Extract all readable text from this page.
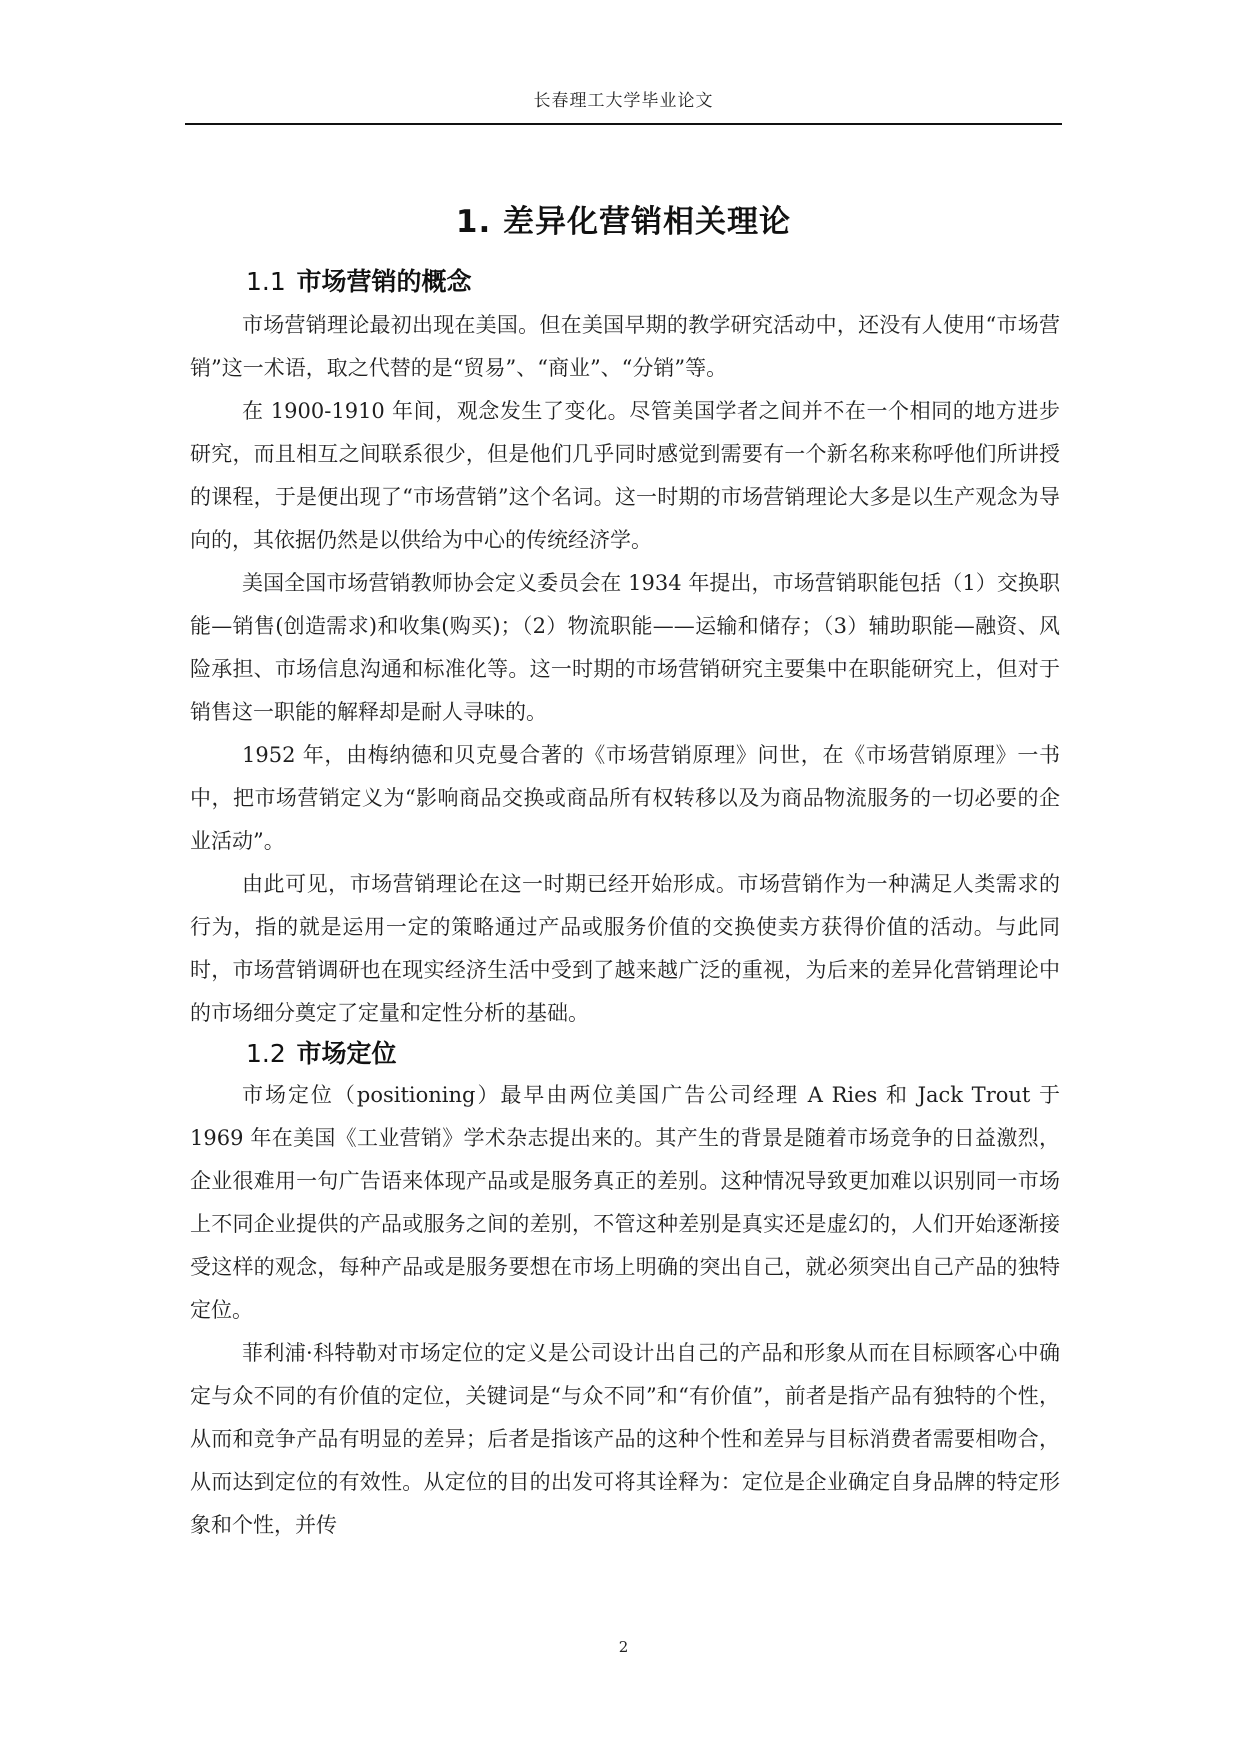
长春理工大学毕业论文
1. 差异化营销相关理论
1.1 市场营销的概念

市场营销理论最初出现在美国。但在美国早期的教学研究活动中，还没有人使用“市场营销”这一术语，取之代替的是“贸易”、“商业”、“分销”等。

在 1900-1910 年间，观念发生了变化。尽管美国学者之间并不在一个相同的地方进步研究，而且相互之间联系很少，但是他们几乎同时感觉到需要有一个新名称来称呼他们所讲授的课程，于是便出现了“市场营销”这个名词。这一时期的市场营销理论大多是以生产观念为导向的，其依据仍然是以供给为中心的传统经济学。

美国全国市场营销教师协会定义委员会在 1934 年提出，市场营销职能包括（1）交换职能—销售(创造需求)和收集(购买)；（2）物流职能——运输和储存；（3）辅助职能—融资、风险承担、市场信息沟通和标准化等。这一时期的市场营销研究主要集中在职能研究上，但对于销售这一职能的解释却是耐人寻味的。

1952 年，由梅纳德和贝克曼合著的《市场营销原理》问世，在《市场营销原理》一书中，把市场营销定义为“影响商品交换或商品所有权转移以及为商品物流服务的一切必要的企业活动”。

由此可见，市场营销理论在这一时期已经开始形成。市场营销作为一种满足人类需求的行为，指的就是运用一定的策略通过产品或服务价值的交换使卖方获得价值的活动。与此同时，市场营销调研也在现实经济生活中受到了越来越广泛的重视，为后来的差异化营销理论中的市场细分奠定了定量和定性分析的基础。

1.2 市场定位

市场定位（positioning）最早由两位美国广告公司经理 A Ries 和 Jack Trout 于 1969 年在美国《工业营销》学术杂志提出来的。其产生的背景是随着市场竞争的日益激烈，企业很难用一句广告语来体现产品或是服务真正的差别。这种情况导致更加难以识别同一市场上不同企业提供的产品或服务之间的差别，不管这种差别是真实还是虚幻的，人们开始逐渐接受这样的观念，每种产品或是服务要想在市场上明确的突出自己，就必须突出自己产品的独特定位。

菲利浦·科特勒对市场定位的定义是公司设计出自己的产品和形象从而在目标顾客心中确定与众不同的有价值的定位，关键词是“与众不同”和“有价值”，前者是指产品有独特的个性，从而和竞争产品有明显的差异；后者是指该产品的这种个性和差异与目标消费者需要相吻合，从而达到定位的有效性。从定位的目的出发可将其诠释为：定位是企业确定自身品牌的特定形象和个性，并传

2
